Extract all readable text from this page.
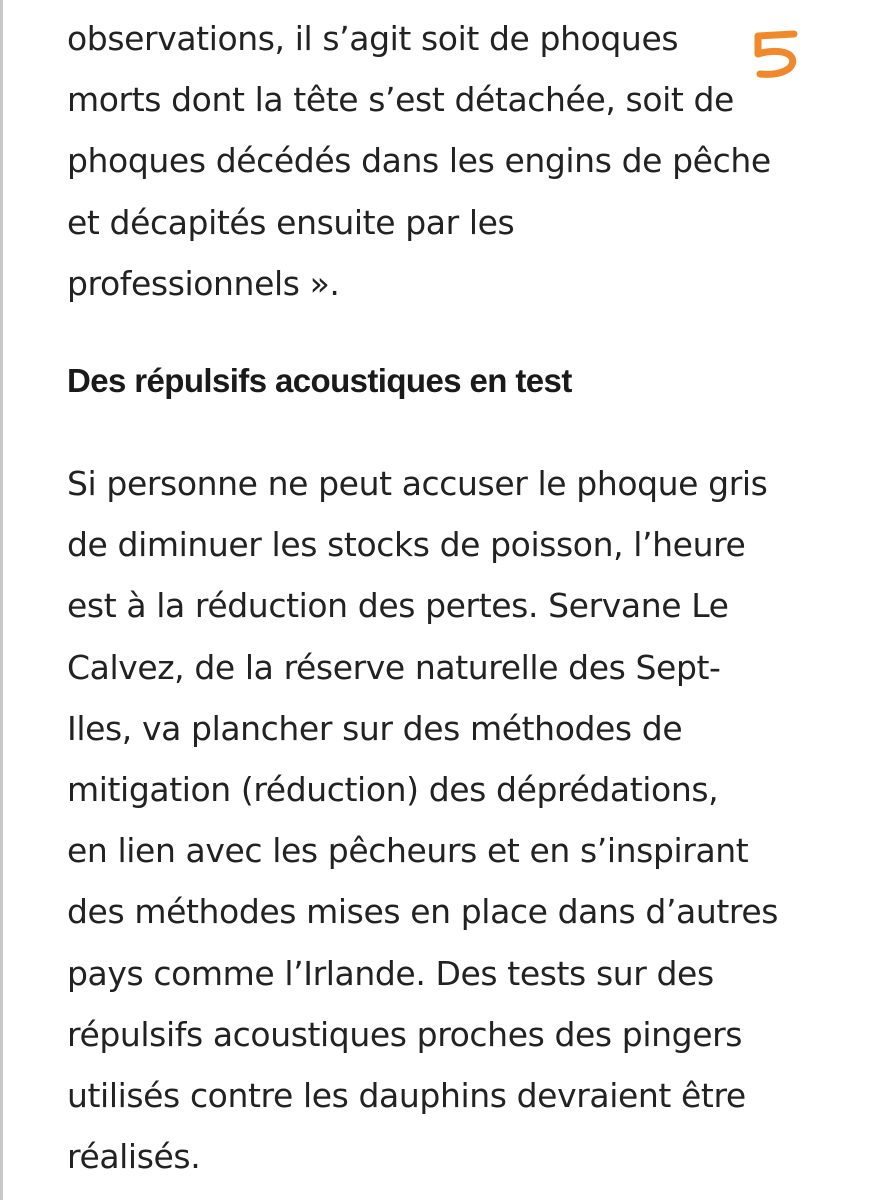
observations, il s’agit soit de phoques
morts dont la tête s’est détachée, soit de
phoques décédés dans les engins de pêche
et décapités ensuite par les
professionnels ».

Des répulsifs acoustiques en test

Si personne ne peut accuser le phoque gris
de diminuer les stocks de poisson, l’heure
est à la réduction des pertes. Servane Le
Calvez, de la réserve naturelle des Sept-
Iles, va plancher sur des méthodes de
mitigation (réduction) des déprédations,
en lien avec les pêcheurs et en s’inspirant
des méthodes mises en place dans d’autres
pays comme l’Irlande. Des tests sur des
répulsifs acoustiques proches des pingers
utilisés contre les dauphins devraient être
réalisés.
